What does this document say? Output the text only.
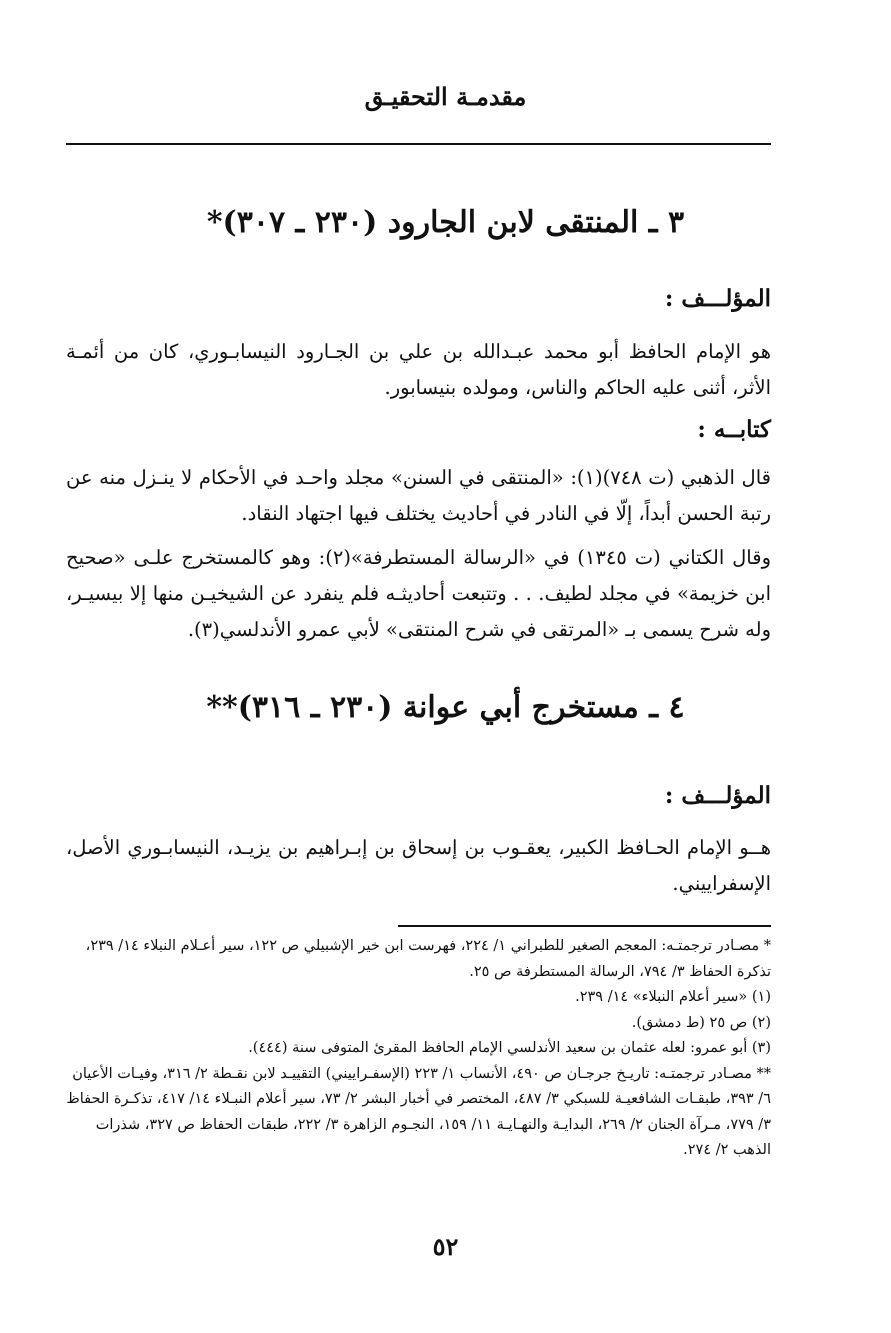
مقدمـة التحقيـق
٣ ـ المنتقى لابن الجارود (٢٣٠ ـ ٣٠٧)*
المؤلـــف :

هو الإمام الحافظ أبو محمد عبـدالله بن علي بن الجـارود النيسابـوري، كان من أئمـة الأثر، أثنى عليه الحاكم والناس، ومولده بنيسابور.

كتابــه :

قال الذهبي (ت ٧٤٨)(١): «المنتقى في السنن» مجلد واحـد في الأحكام لا ينـزل منه عن رتبة الحسن أبداً، إلّا في النادر في أحاديث يختلف فيها اجتهاد النقاد.

وقال الكتاني (ت ١٣٤٥) في «الرسالة المستطرفة»(٢): وهو كالمستخرج علـى «صحيح ابن خزيمة» في مجلد لطيف. . . وتتبعت أحاديثـه فلم ينفرد عن الشيخيـن منها إلا بيسيـر، وله شرح يسمى بـ «المرتقى في شرح المنتقى» لأبي عمرو الأندلسي(٣).

٤ ـ مستخرج أبي عوانة (٢٣٠ ـ ٣١٦)**
المؤلـــف :

هــو الإمام الحـافظ الكبير، يعقـوب بن إسحاق بن إبـراهيم بن يزيـد، النيسابـوري الأصل، الإسفراييني.

* مصـادر ترجمتـه: المعجم الصغير للطبراني ١/ ٢٢٤، فهرست ابن خير الإشبيلي ص ١٢٢، سير أعـلام النبلاء ١٤/ ٢٣٩، تذكرة الحفاظ ٣/ ٧٩٤، الرسالة المستطرفة ص ٢٥.

(١) «سير أعلام النبلاء» ١٤/ ٢٣٩.

(٢) ص ٢٥ (ط دمشق).

(٣) أبو عمرو: لعله عثمان بن سعيد الأندلسي الإمام الحافظ المقرئ المتوفى سنة (٤٤٤).

** مصـادر ترجمتـه: تاريـخ جرجـان ص ٤٩٠، الأنساب ١/ ٢٢٣ (الإسفـراييني) التقييـد لابن نقـطة ٢/ ٣١٦، وفيـات الأعيان ٦/ ٣٩٣، طبقـات الشافعيـة للسبكي ٣/ ٤٨٧، المختصر في أخبار البشر ٢/ ٧٣، سير أعلام النبـلاء ١٤/ ٤١٧، تذكـرة الحفاظ ٣/ ٧٧٩، مـرآة الجنان ٢/ ٢٦٩، البدايـة والنهـايـة ١١/ ١٥٩، النجـوم الزاهرة ٣/ ٢٢٢، طبقات الحفاظ ص ٣٢٧، شذرات الذهب ٢/ ٢٧٤.

٥٢
